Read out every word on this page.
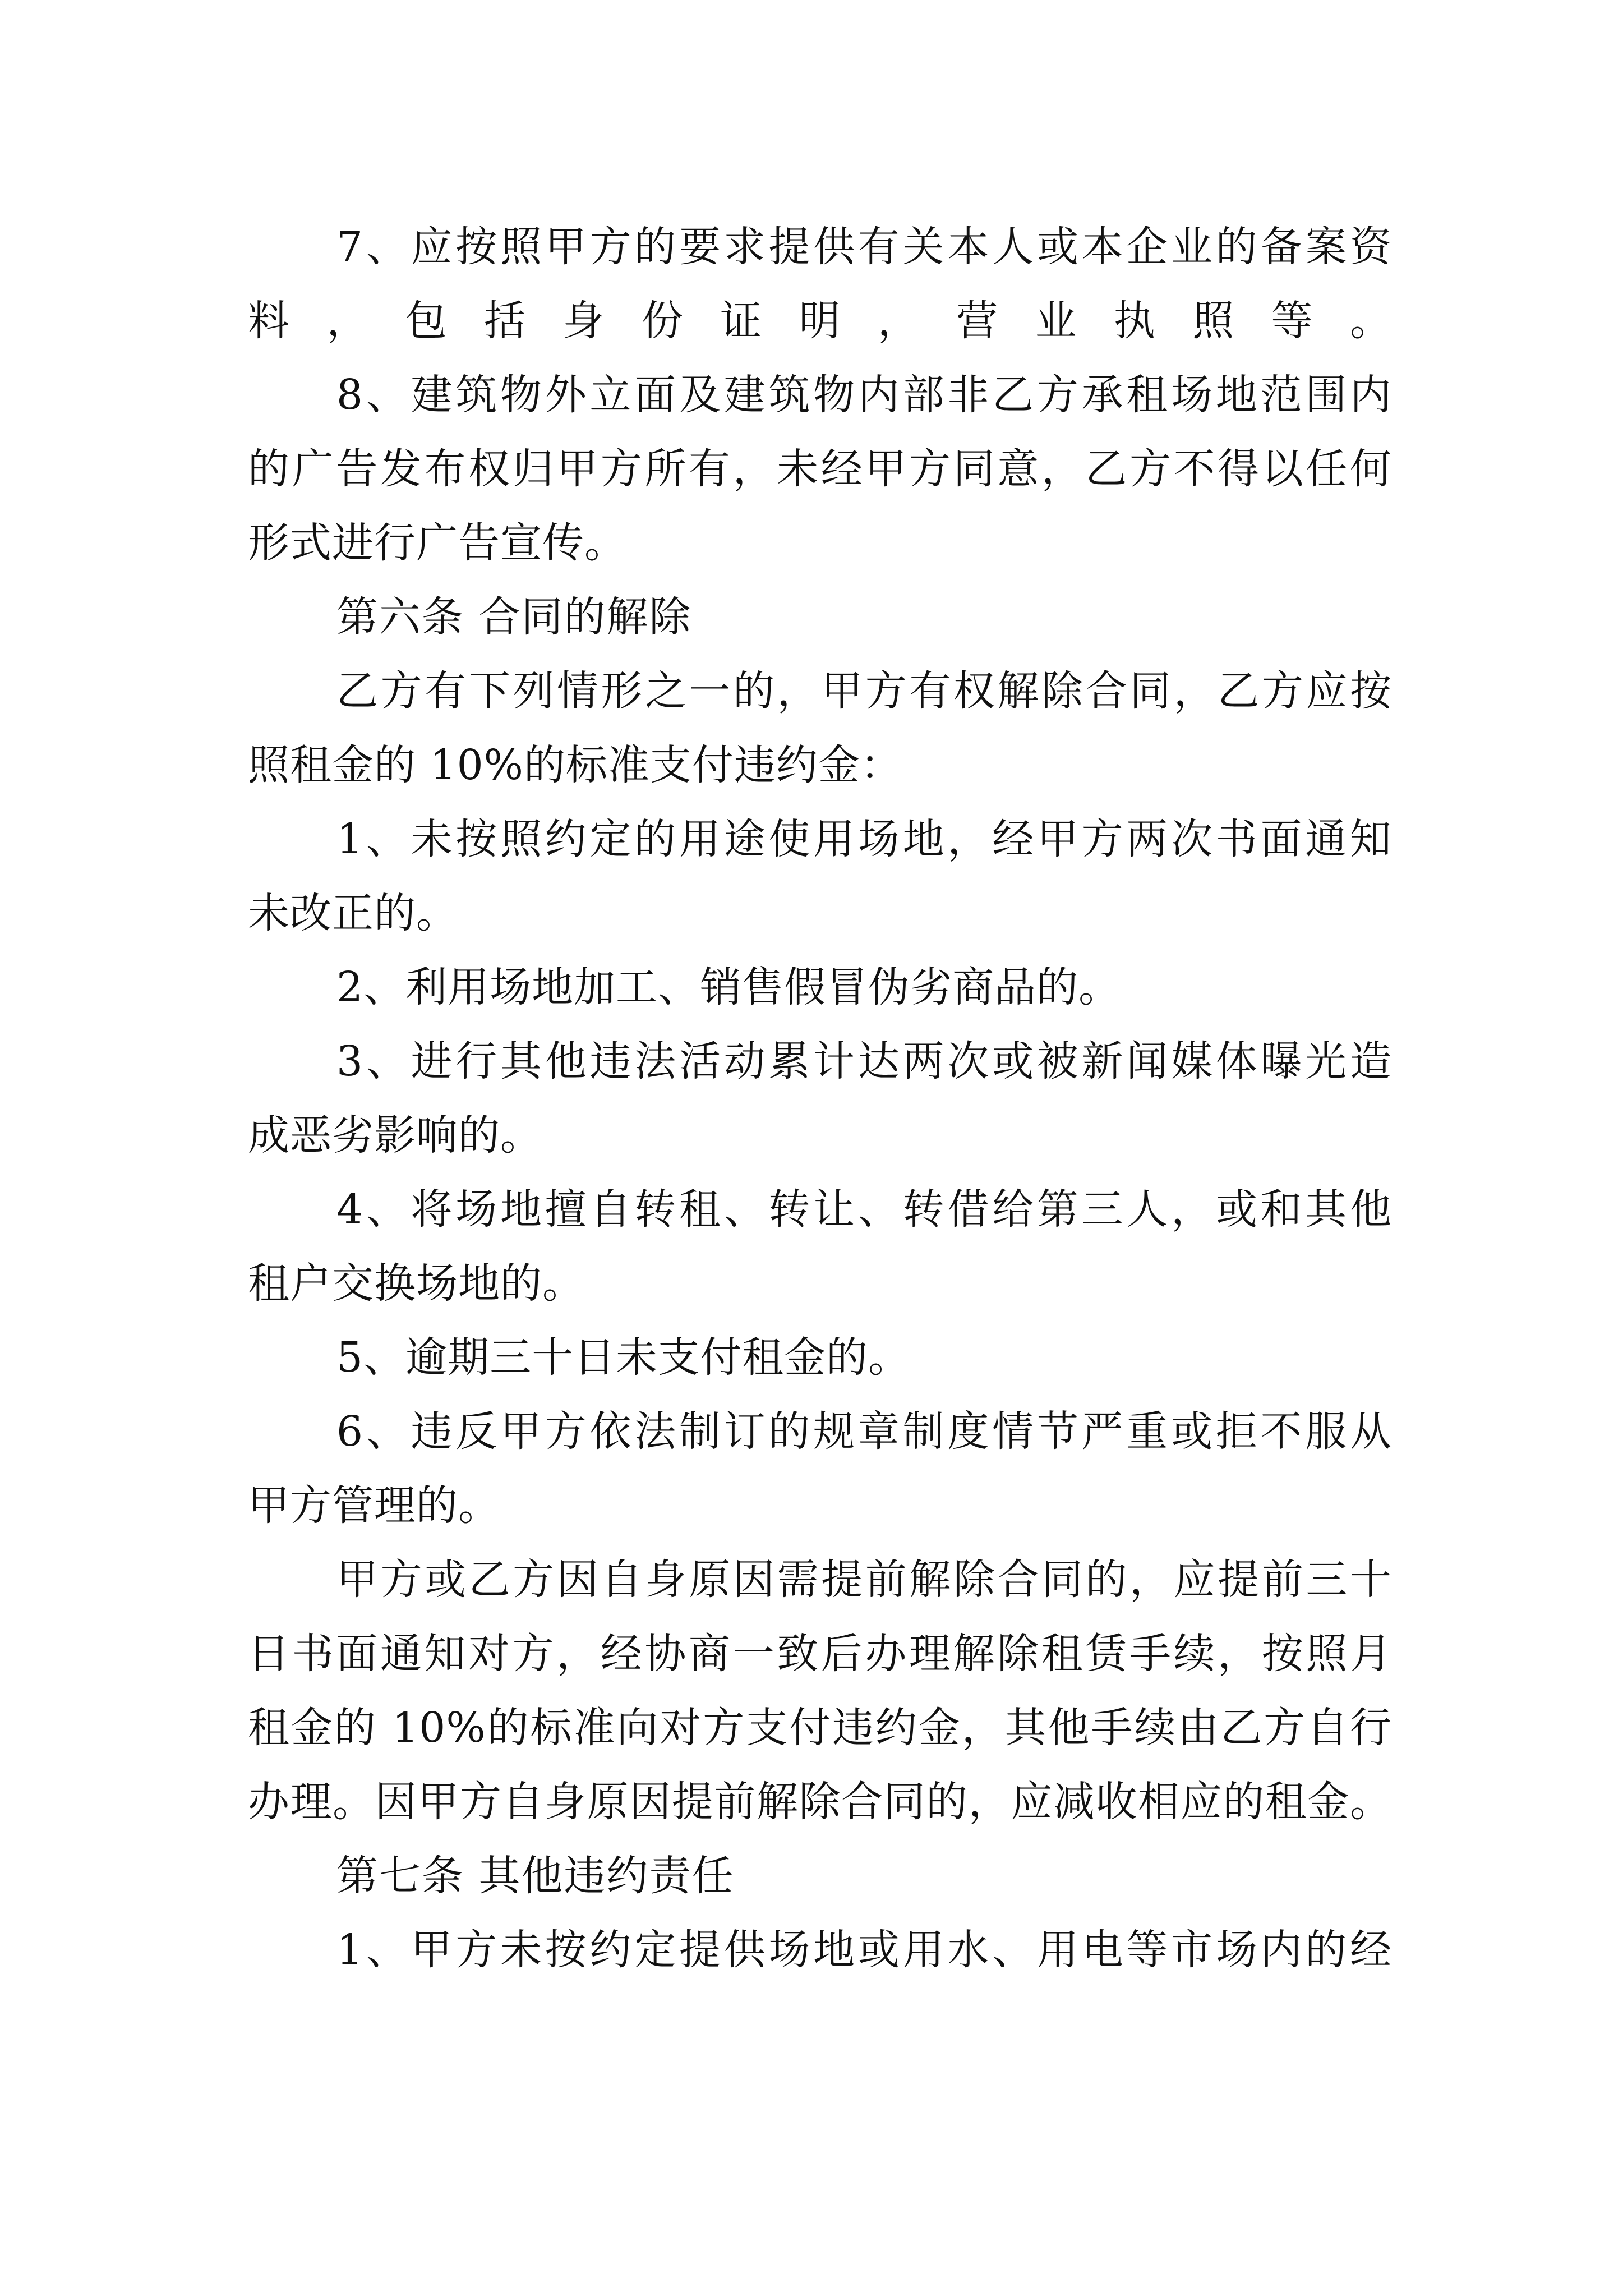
7、应按照甲方的要求提供有关本人或本企业的备案资
料，包括身份证明，营业执照等。
8、建筑物外立面及建筑物内部非乙方承租场地范围内
的广告发布权归甲方所有，未经甲方同意，乙方不得以任何
形式进行广告宣传。
第六条 合同的解除
乙方有下列情形之一的，甲方有权解除合同，乙方应按
照租金的 10%的标准支付违约金：
1、未按照约定的用途使用场地，经甲方两次书面通知
未改正的。
2、利用场地加工、销售假冒伪劣商品的。
3、进行其他违法活动累计达两次或被新闻媒体曝光造
成恶劣影响的。
4、将场地擅自转租、转让、转借给第三人，或和其他
租户交换场地的。
5、逾期三十日未支付租金的。
6、违反甲方依法制订的规章制度情节严重或拒不服从
甲方管理的。
甲方或乙方因自身原因需提前解除合同的，应提前三十
日书面通知对方，经协商一致后办理解除租赁手续，按照月
租金的 10%的标准向对方支付违约金，其他手续由乙方自行
办理。因甲方自身原因提前解除合同的，应减收相应的租金。
第七条 其他违约责任
1、甲方未按约定提供场地或用水、用电等市场内的经
